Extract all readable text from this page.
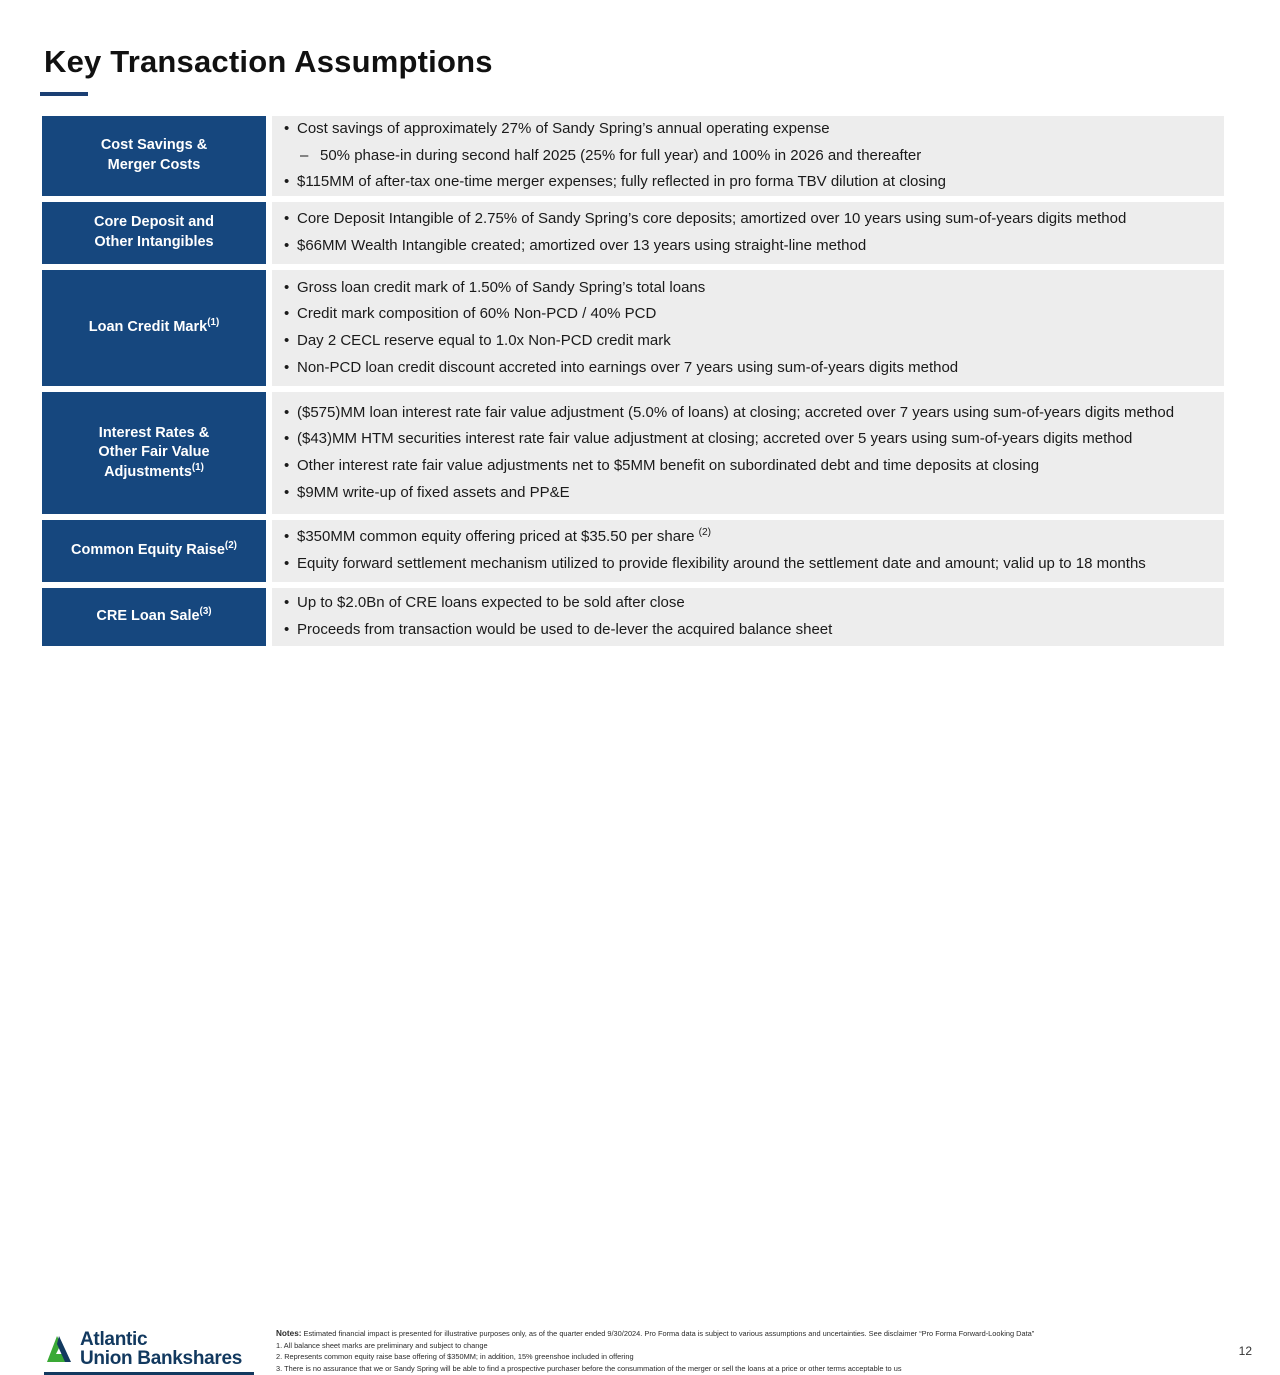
Key Transaction Assumptions
Cost Savings &
Merger Costs
• Cost savings of approximately 27% of Sandy Spring’s annual operating expense
– 50% phase-in during second half 2025 (25% for full year) and 100% in 2026 and thereafter
• $115MM of after-tax one-time merger expenses; fully reflected in pro forma TBV dilution at closing
Core Deposit and
Other Intangibles
• Core Deposit Intangible of 2.75% of Sandy Spring’s core deposits; amortized over 10 years using sum-of-years digits method
• $66MM Wealth Intangible created; amortized over 13 years using straight-line method
Loan Credit Mark$^{(1)}$
• Gross loan credit mark of 1.50% of Sandy Spring’s total loans
• Credit mark composition of 60% Non-PCD / 40% PCD
• Day 2 CECL reserve equal to 1.0x Non-PCD credit mark
• Non-PCD loan credit discount accreted into earnings over 7 years using sum-of-years digits method
Interest Rates &
Other Fair Value
Adjustments$^{(1)}$
• ($575)MM loan interest rate fair value adjustment (5.0% of loans) at closing; accreted over 7 years using sum-of-years digits method
• ($43)MM HTM securities interest rate fair value adjustment at closing; accreted over 5 years using sum-of-years digits method
• Other interest rate fair value adjustments net to $5MM benefit on subordinated debt and time deposits at closing
• $9MM write-up of fixed assets and PP&E
Common Equity Raise$^{(2)}$
• $350MM common equity offering priced at $35.50 per share $^{(2)}$
• Equity forward settlement mechanism utilized to provide flexibility around the settlement date and amount; valid up to 18 months
CRE Loan Sale$^{(3)}$
• Up to $2.0Bn of CRE loans expected to be sold after close
• Proceeds from transaction would be used to de-lever the acquired balance sheet
Atlantic
Union Bankshares
Notes: Estimated financial impact is presented for illustrative purposes only, as of the quarter ended 9/30/2024. Pro Forma data is subject to various assumptions and uncertainties. See disclaimer “Pro Forma Forward-Looking Data”
1. All balance sheet marks are preliminary and subject to change
2. Represents common equity raise base offering of $350MM; in addition, 15% greenshoe included in offering
3. There is no assurance that we or Sandy Spring will be able to find a prospective purchaser before the consummation of the merger or sell the loans at a price or other terms acceptable to us
12
